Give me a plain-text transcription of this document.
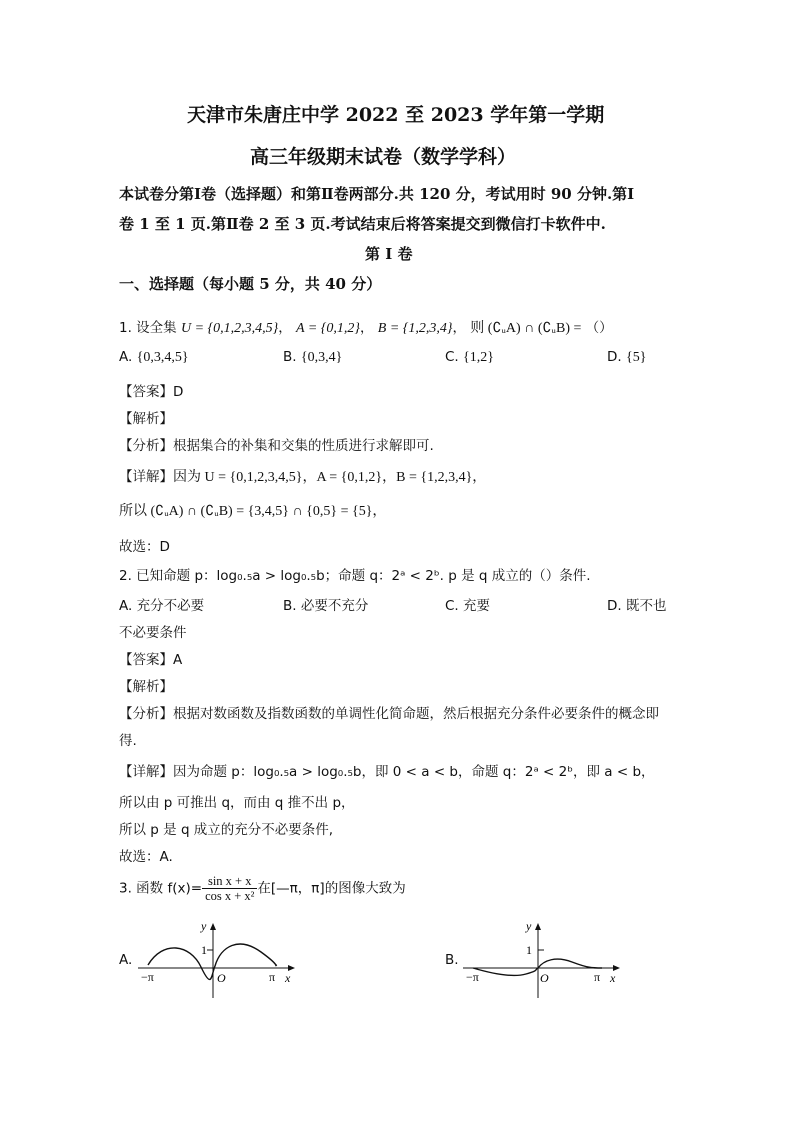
天津市朱唐庄中学 2022 至 2023 学年第一学期
高三年级期末试卷（数学学科）
本试卷分第Ⅰ卷（选择题）和第Ⅱ卷两部分.共 120 分，考试用时 90 分钟.第Ⅰ
卷 1 至 1 页.第Ⅱ卷 2 至 3 页.考试结束后将答案提交到微信打卡软件中.
第 Ⅰ 卷
一、选择题（每小题 5 分，共 40 分）
1. 设全集 U = {0,1,2,3,4,5}， A = {0,1,2}， B = {1,2,3,4}， 则 (∁ᵤA) ∩ (∁ᵤB) = （）
A. {0,3,4,5}	B. {0,3,4}	C. {1,2}	D. {5}
【答案】D
【解析】
【分析】根据集合的补集和交集的性质进行求解即可.
【详解】因为 U = {0,1,2,3,4,5}，A = {0,1,2}，B = {1,2,3,4}，
所以 (∁ᵤA) ∩ (∁ᵤB) = {3,4,5} ∩ {0,5} = {5}，
故选：D
2. 已知命题 p：log₀.₅a > log₀.₅b；命题 q：2ᵃ < 2ᵇ. p 是 q 成立的（）条件.
A. 充分不必要	B. 必要不充分	C. 充要	D. 既不也
不必要条件
【答案】A
【解析】
【分析】根据对数函数及指数函数的单调性化简命题，然后根据充分条件必要条件的概念即
得.
【详解】因为命题 p：log₀.₅a > log₀.₅b，即 0 < a < b，命题 q：2ᵃ < 2ᵇ，即 a < b，
所以由 p 可推出 q，而由 q 推不出 p，
所以 p 是 q 成立的充分不必要条件,
故选：A.
3. 函数 $f(x)= \frac{\text{sin x + x}}{\text{cos x + x²}}$ 在[—π，π]的图像大致为
A.
y
1
−π	O	π x
B.
y
1
−π	O	π x
